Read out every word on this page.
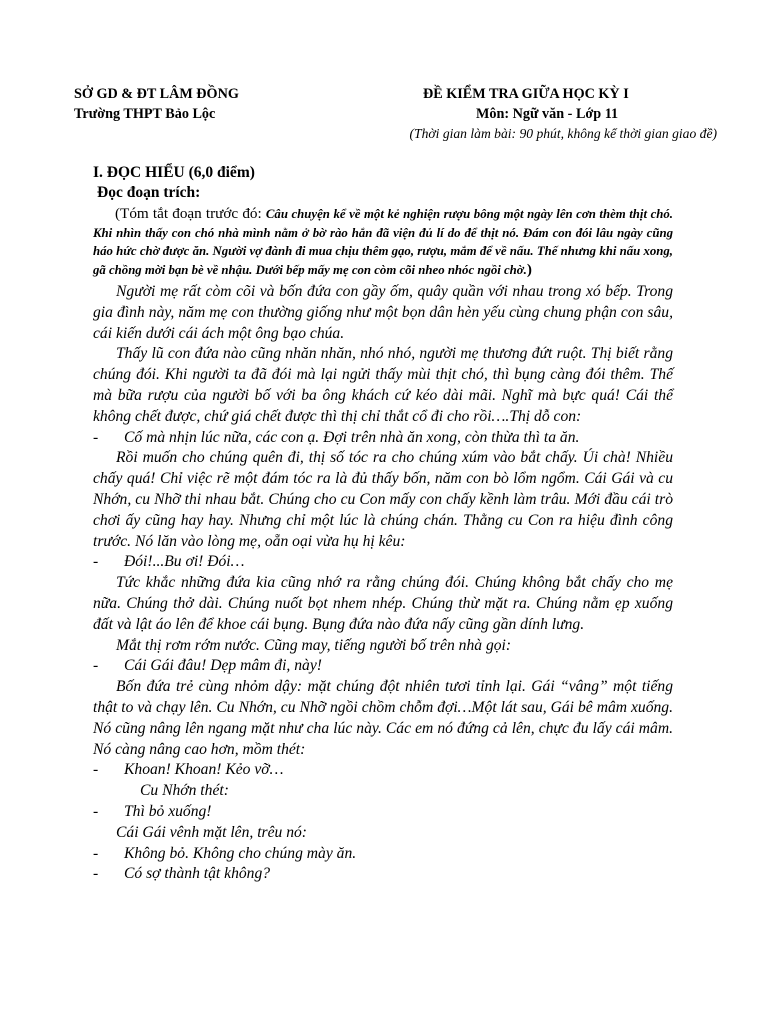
SỞ GD & ĐT LÂM ĐỒNG	ĐỀ KIỂM TRA GIỮA HỌC KỲ I
Trường THPT Bảo Lộc	Môn: Ngữ văn - Lớp 11
(Thời gian làm bài: 90 phút, không kể thời gian giao đề)
I. ĐỌC HIỂU (6,0 điểm)
Đọc đoạn trích:
(Tóm tắt đoạn trước đó: Câu chuyện kể về một kẻ nghiện rượu bông một ngày lên cơn thèm thịt chó. Khi nhìn thấy con chó nhà mình nằm ở bờ rào hắn đã viện đủ lí do để thịt nó. Đám con đói lâu ngày cũng háo hức chờ được ăn. Người vợ đành đi mua chịu thêm gạo, rượu, mắm để về nấu. Thế nhưng khi nấu xong, gã chồng mời bạn bè về nhậu. Dưới bếp mấy mẹ con còm cõi nheo nhóc ngồi chờ.)

Người mẹ rất còm cõi và bốn đứa con gầy ốm, quây quần với nhau trong xó bếp. Trong gia đình này, năm mẹ con thường giống như một bọn dân hèn yếu cùng chung phận con sâu, cái kiến dưới cái ách một ông bạo chúa.

Thấy lũ con đứa nào cũng nhăn nhăn, nhó nhó, người mẹ thương đứt ruột. Thị biết rằng chúng đói. Khi người ta đã đói mà lại ngửi thấy mùi thịt chó, thì bụng càng đói thêm. Thế mà bữa rượu của người bố với ba ông khách cứ kéo dài mãi. Nghĩ mà bực quá! Cái thể không chết được, chứ giá chết được thì thị chỉ thắt cổ đi cho rồi….Thị dỗ con:

- Cố mà nhịn lúc nữa, các con ạ. Đợi trên nhà ăn xong, còn thừa thì ta ăn.

Rồi muốn cho chúng quên đi, thị số tóc ra cho chúng xúm vào bắt chấy. Úi chà! Nhiều chấy quá! Chỉ việc rẽ một đám tóc ra là đủ thấy bốn, năm con bò lổm ngổm. Cái Gái và cu Nhớn, cu Nhỡ thi nhau bắt. Chúng cho cu Con mấy con chấy kềnh làm trâu. Mới đầu cái trò chơi ấy cũng hay hay. Nhưng chỉ một lúc là chúng chán. Thằng cu Con ra hiệu đình công trước. Nó lăn vào lòng mẹ, oẵn oại vừa hụ hị kêu:

- Đói!...Bu ơi! Đói…

Tức khắc những đứa kia cũng nhớ ra rằng chúng đói. Chúng không bắt chấy cho mẹ nữa. Chúng thở dài. Chúng nuốt bọt nhem nhép. Chúng thừ mặt ra. Chúng nằm ẹp xuống đất và lật áo lên để khoe cái bụng. Bụng đứa nào đứa nấy cũng gần dính lưng.

Mắt thị rơm rớm nước. Cũng may, tiếng người bố trên nhà gọi:

- Cái Gái đâu! Dẹp mâm đi, này!

Bốn đứa trẻ cùng nhỏm dậy: mặt chúng đột nhiên tươi tỉnh lại. Gái “vâng” một tiếng thật to và chạy lên. Cu Nhớn, cu Nhỡ ngồi chồm chỗm đợi…Một lát sau, Gái bê mâm xuống. Nó cũng nâng lên ngang mặt như cha lúc này. Các em nó đứng cả lên, chực đu lấy cái mâm. Nó càng nâng cao hơn, mồm thét:

- Khoan! Khoan! Kẻo vỡ…

Cu Nhớn thét:

- Thì bỏ xuống!

Cái Gái vênh mặt lên, trêu nó:

- Không bỏ. Không cho chúng mày ăn.

- Có sợ thành tật không?
